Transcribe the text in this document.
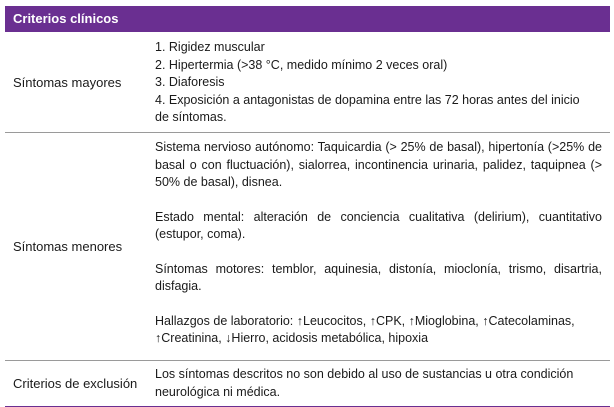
Criterios clínicos
Síntomas mayores
1. Rigidez muscular
2. Hipertermia (>38 °C, medido mínimo 2 veces oral)
3. Diaforesis
4. Exposición a antagonistas de dopamina entre las 72 horas antes del inicio
de síntomas.
Síntomas menores
Sistema nervioso autónomo: Taquicardia (> 25% de basal), hipertonía (>25% de basal o con fluctuación), sialorrea, incontinencia urinaria, palidez, taquipnea (> 50% de basal), disnea.
Estado mental: alteración de conciencia cualitativa (delirium), cuantitativo (estupor, coma).
Síntomas motores: temblor, aquinesia, distonía, mioclonía, trismo, disartria, disfagia.
Hallazgos de laboratorio: ↑Leucocitos, ↑CPK, ↑Mioglobina, ↑Catecolaminas, ↑Creatinina, ↓Hierro, acidosis metabólica, hipoxia
Criterios de exclusión
Los síntomas descritos no son debido al uso de sustancias u otra condición neurológica ni médica.
